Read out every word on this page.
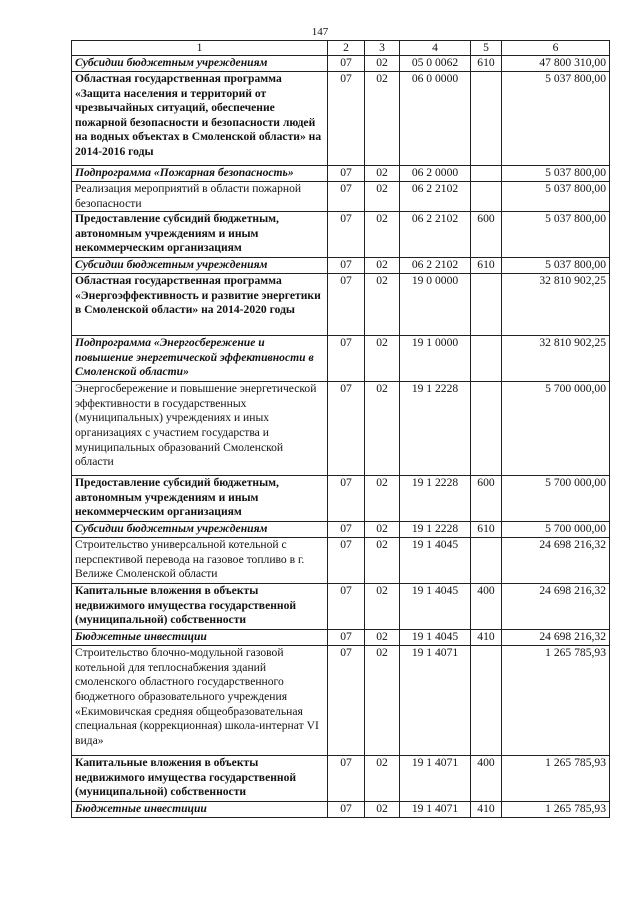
147
1	2	3	4	5	6
Субсидии бюджетным учреждениям	07	02	05 0 0062	610	47 800 310,00
Областная государственная программа «Защита населения и территорий от чрезвычайных ситуаций, обеспечение пожарной безопасности и безопасности людей на водных объектах в Смоленской области» на 2014-2016 годы	07	02	06 0 0000		5 037 800,00
Подпрограмма «Пожарная безопасность»	07	02	06 2 0000		5 037 800,00
Реализация мероприятий в области пожарной безопасности	07	02	06 2 2102		5 037 800,00
Предоставление субсидий бюджетным, автономным учреждениям и иным некоммерческим организациям	07	02	06 2 2102	600	5 037 800,00
Субсидии бюджетным учреждениям	07	02	06 2 2102	610	5 037 800,00
Областная государственная программа «Энергоэффективность и развитие энергетики в Смоленской области» на 2014-2020 годы	07	02	19 0 0000		32 810 902,25
Подпрограмма «Энергосбережение и повышение энергетической эффективности в Смоленской области»	07	02	19 1 0000		32 810 902,25
Энергосбережение и повышение энергетической эффективности в государственных (муниципальных) учреждениях и иных организациях с участием государства и муниципальных образований Смоленской области	07	02	19 1 2228		5 700 000,00
Предоставление субсидий бюджетным, автономным учреждениям и иным некоммерческим организациям	07	02	19 1 2228	600	5 700 000,00
Субсидии бюджетным учреждениям	07	02	19 1 2228	610	5 700 000,00
Строительство универсальной котельной с перспективой перевода на газовое топливо в г. Велиже Смоленской области	07	02	19 1 4045		24 698 216,32
Капитальные вложения в объекты недвижимого имущества государственной (муниципальной) собственности	07	02	19 1 4045	400	24 698 216,32
Бюджетные инвестиции	07	02	19 1 4045	410	24 698 216,32
Строительство блочно-модульной газовой котельной для теплоснабжения зданий смоленского областного государственного бюджетного образовательного учреждения «Екимовичская средняя общеобразовательная специальная (коррекционная) школа-интернат VI вида»	07	02	19 1 4071		1 265 785,93
Капитальные вложения в объекты недвижимого имущества государственной (муниципальной) собственности	07	02	19 1 4071	400	1 265 785,93
Бюджетные инвестиции	07	02	19 1 4071	410	1 265 785,93
